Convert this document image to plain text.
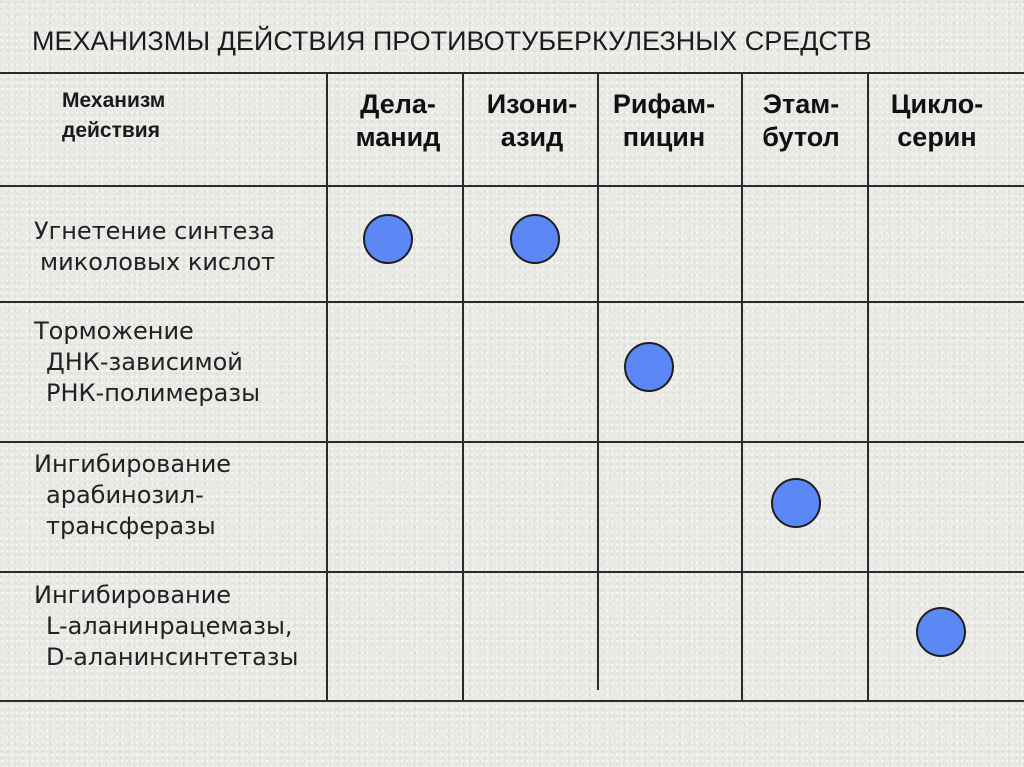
МЕХАНИЗМЫ ДЕЙСТВИЯ ПРОТИВОТУБЕРКУЛЕЗНЫХ СРЕДСТВ
Механизм
действия
Дела-
манид
Изони-
азид
Рифам-
пицин
Этам-
бутол
Цикло-
серин
Угнетение синтеза
миколовых кислот
Торможение
ДНК-зависимой
РНК-полимеразы
Ингибирование
арабинозил-
трансферазы
Ингибирование
L-аланинрацемазы,
D-аланинсинтетазы
